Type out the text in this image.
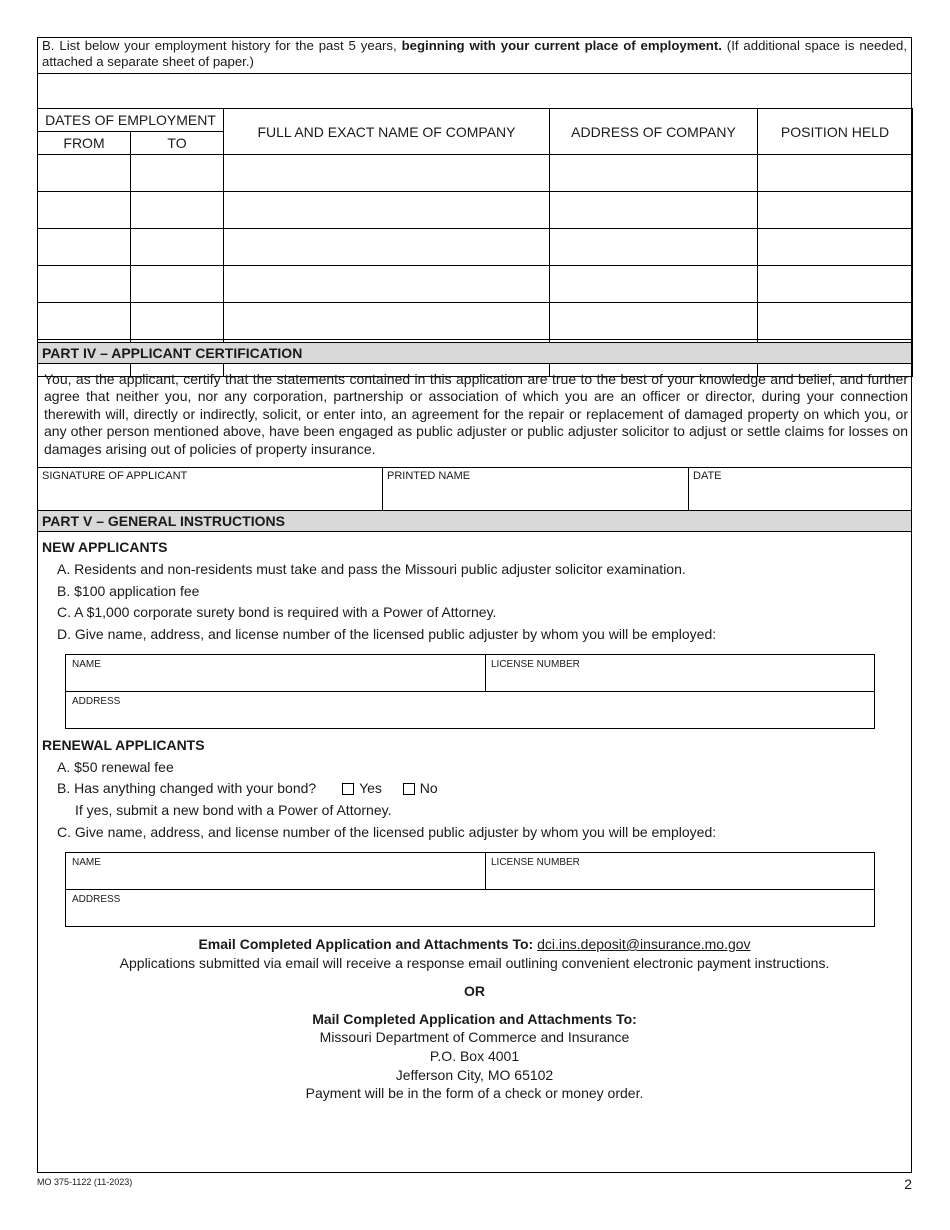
B. List below your employment history for the past 5 years, beginning with your current place of employment. (If additional space is needed, attached a separate sheet of paper.)
DATES OF EMPLOYMENT		FULL AND EXACT NAME OF COMPANY	ADDRESS OF COMPANY	POSITION HELD
FROM	TO			

PART IV – APPLICANT CERTIFICATION
You, as the applicant, certify that the statements contained in this application are true to the best of your knowledge and belief, and further agree that neither you, nor any corporation, partnership or association of which you are an officer or director, during your connection therewith will, directly or indirectly, solicit, or enter into, an agreement for the repair or replacement of damaged property on which you, or any other person mentioned above, have been engaged as public adjuster or public adjuster solicitor to adjust or settle claims for losses on damages arising out of policies of property insurance.
SIGNATURE OF APPLICANT	PRINTED NAME	DATE
PART V – GENERAL INSTRUCTIONS
NEW APPLICANTS
A. Residents and non-residents must take and pass the Missouri public adjuster solicitor examination.
B. $100 application fee
C. A $1,000 corporate surety bond is required with a Power of Attorney.
D. Give name, address, and license number of the licensed public adjuster by whom you will be employed:
NAME	LICENSE NUMBER
ADDRESS
RENEWAL APPLICANTS
A. $50 renewal fee
B. Has anything changed with your bond?	Yes	No
If yes, submit a new bond with a Power of Attorney.
C. Give name, address, and license number of the licensed public adjuster by whom you will be employed:
NAME	LICENSE NUMBER
ADDRESS
Email Completed Application and Attachments To: dci.ins.deposit@insurance.mo.gov
Applications submitted via email will receive a response email outlining convenient electronic payment instructions.
OR
Mail Completed Application and Attachments To:
Missouri Department of Commerce and Insurance
P.O. Box 4001
Jefferson City, MO 65102
Payment will be in the form of a check or money order.
MO 375-1122 (11-2023)	2
